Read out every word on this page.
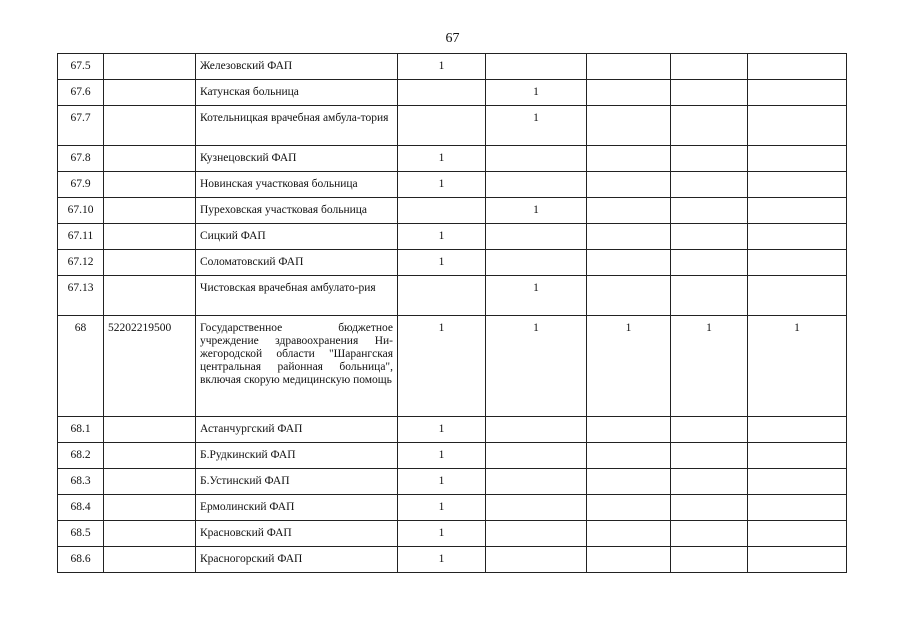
67
67.5		Железовский ФАП	1				
67.6		Катунская больница		1			
67.7		Котельницкая врачебная амбула-тория		1			
67.8		Кузнецовский ФАП	1				
67.9		Новинская участковая больница	1				
67.10		Пуреховская участковая больница		1			
67.11		Сицкий ФАП	1				
67.12		Соломатовский ФАП	1				
67.13		Чистовская врачебная амбулато-рия		1			
68	52202219500	Государственное бюджетное учреждение здравоохранения Ни-жегородской области "Шарангская центральная районная больница", включая скорую медицинскую помощь	1	1	1	1	1
68.1		Астанчургский ФАП	1				
68.2		Б.Рудкинский ФАП	1				
68.3		Б.Устинский ФАП	1				
68.4		Ермолинский ФАП	1				
68.5		Красновский ФАП	1				
68.6		Красногорский ФАП	1				
